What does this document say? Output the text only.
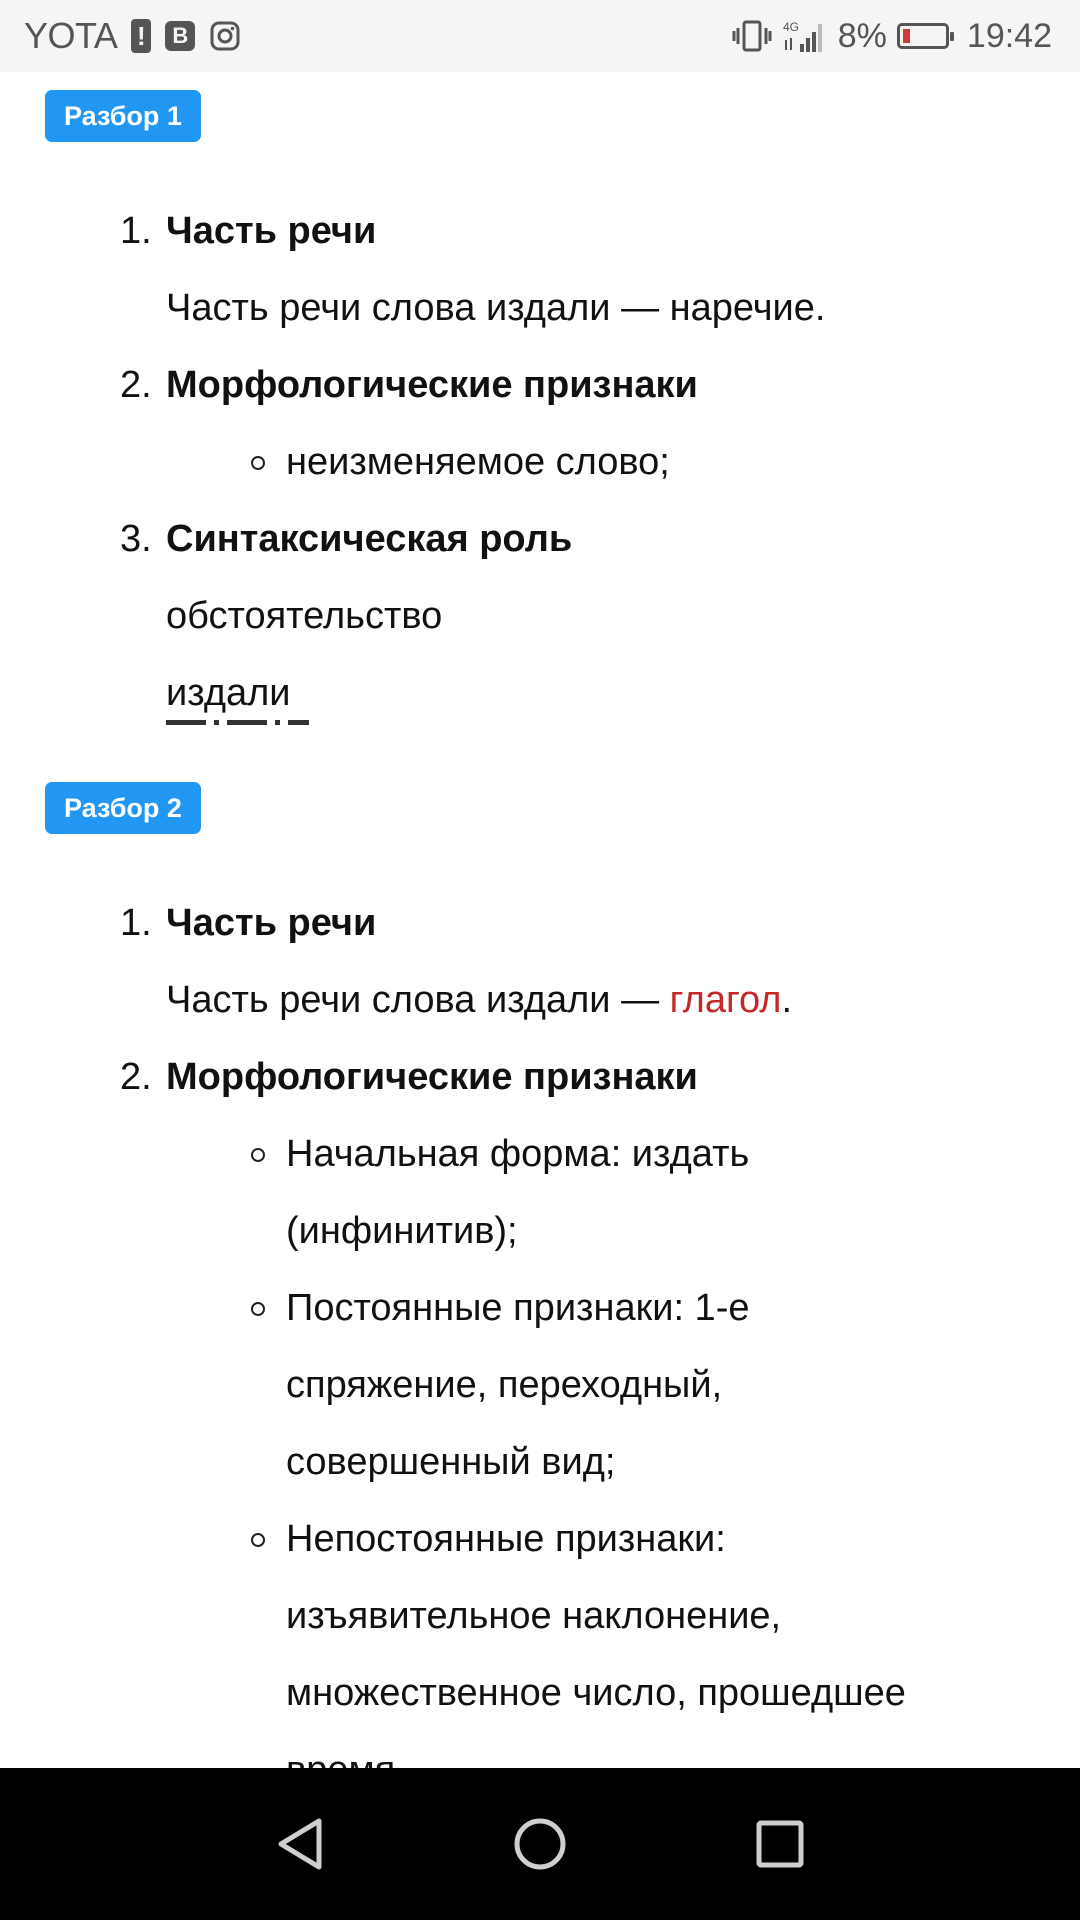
YOTA !	B	4G 8% 19:42
Разбор 1
1. Часть речи
Часть речи слова издали — наречие.
2. Морфологические признаки
неизменяемое слово;
3. Синтаксическая роль
обстоятельство
издали
Разбор 2
1. Часть речи
Часть речи слова издали — глагол.
2. Морфологические признаки
Начальная форма: издать
(инфинитив);
Постоянные признаки: 1-е
спряжение, переходный,
совершенный вид;
Непостоянные признаки:
изъявительное наклонение,
множественное число, прошедшее
